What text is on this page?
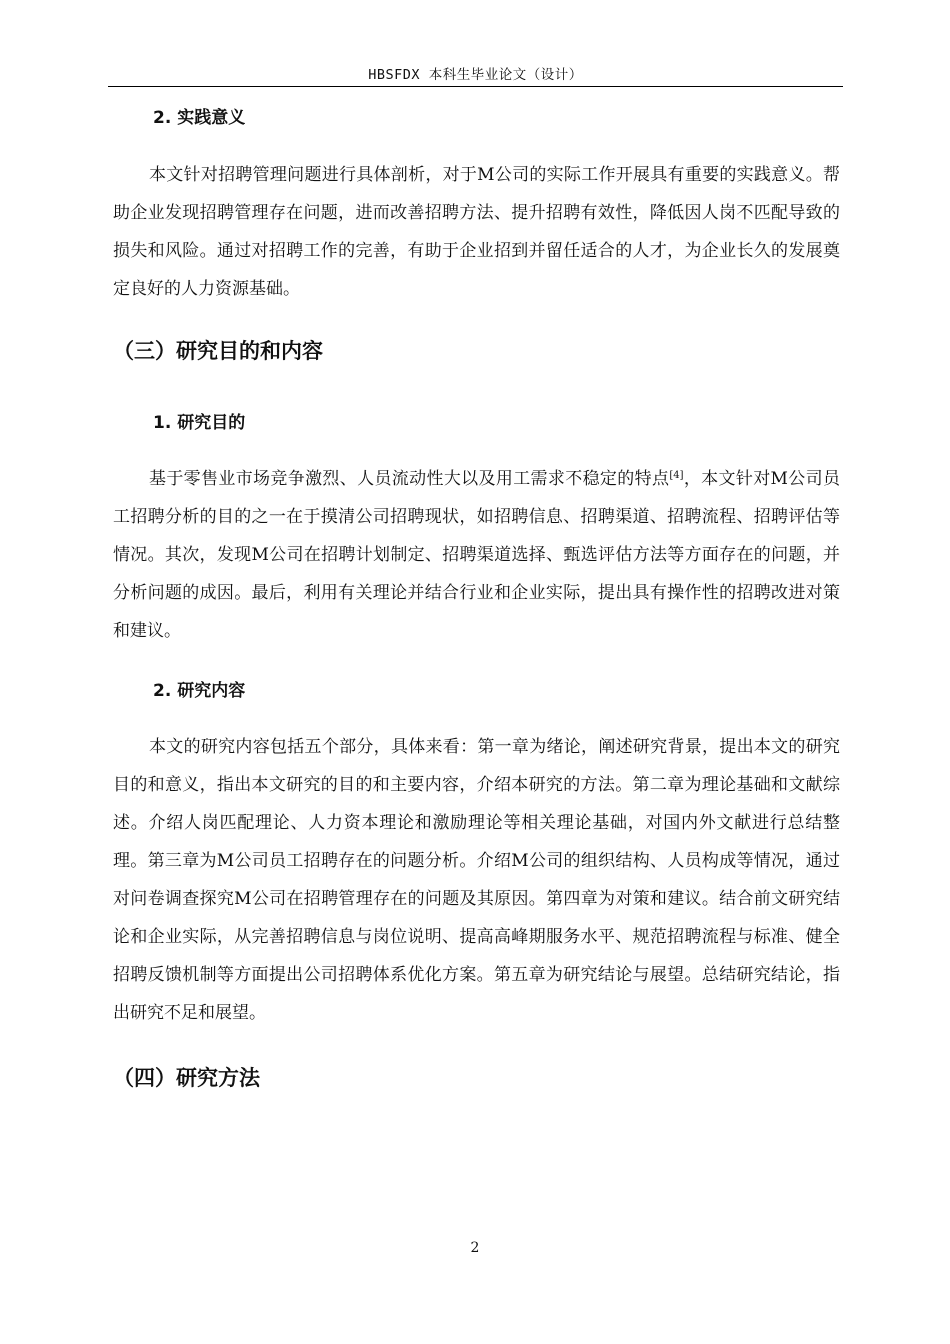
HBSFDX 本科生毕业论文（设计）
2. 实践意义

本文针对招聘管理问题进行具体剖析，对于M公司的实际工作开展具有重要的实践意义。帮助企业发现招聘管理存在问题，进而改善招聘方法、提升招聘有效性，降低因人岗不匹配导致的损失和风险。通过对招聘工作的完善，有助于企业招到并留任适合的人才，为企业长久的发展奠定良好的人力资源基础。

（三）研究目的和内容
1. 研究目的

基于零售业市场竞争激烈、人员流动性大以及用工需求不稳定的特点[4]，本文针对M公司员工招聘分析的目的之一在于摸清公司招聘现状，如招聘信息、招聘渠道、招聘流程、招聘评估等情况。其次，发现M公司在招聘计划制定、招聘渠道选择、甄选评估方法等方面存在的问题，并分析问题的成因。最后，利用有关理论并结合行业和企业实际，提出具有操作性的招聘改进对策和建议。

2. 研究内容

本文的研究内容包括五个部分，具体来看：第一章为绪论，阐述研究背景，提出本文的研究目的和意义，指出本文研究的目的和主要内容，介绍本研究的方法。第二章为理论基础和文献综述。介绍人岗匹配理论、人力资本理论和激励理论等相关理论基础，对国内外文献进行总结整理。第三章为M公司员工招聘存在的问题分析。介绍M公司的组织结构、人员构成等情况，通过对问卷调查探究M公司在招聘管理存在的问题及其原因。第四章为对策和建议。结合前文研究结论和企业实际，从完善招聘信息与岗位说明、提高高峰期服务水平、规范招聘流程与标准、健全招聘反馈机制等方面提出公司招聘体系优化方案。第五章为研究结论与展望。总结研究结论，指出研究不足和展望。

（四）研究方法
2
